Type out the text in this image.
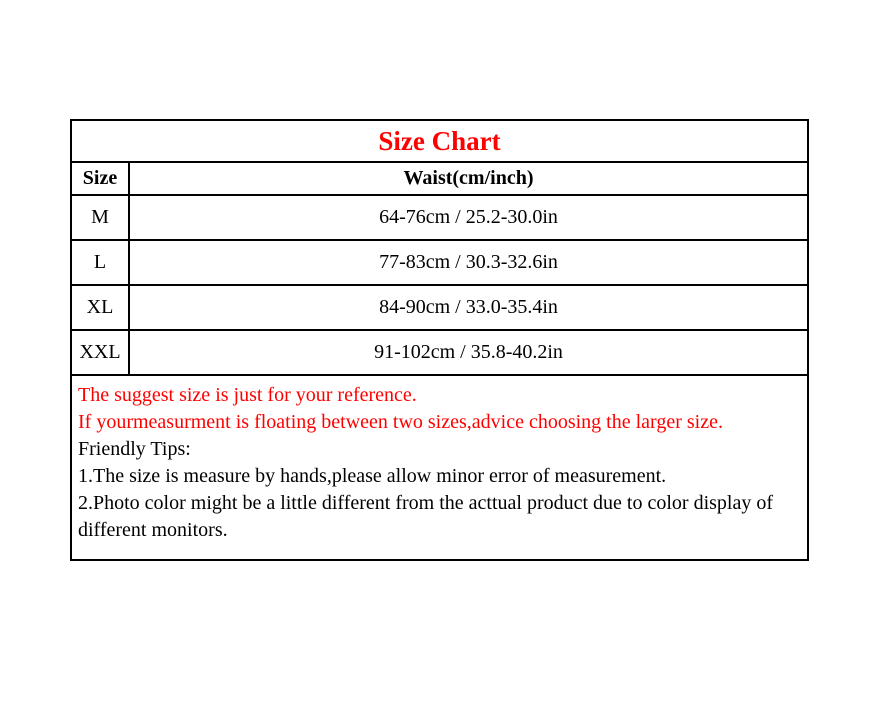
Size Chart
Size	Waist(cm/inch)
M	64-76cm / 25.2-30.0in
L	77-83cm / 30.3-32.6in
XL	84-90cm / 33.0-35.4in
XXL	91-102cm / 35.8-40.2in
The suggest size is just for your reference.
If yourmeasurment is floating between two sizes,advice choosing the larger size.
Friendly Tips:
1.The size is measure by hands,please allow minor error of measurement.
2.Photo color might be a little different from the acttual product due to color display of different monitors.
